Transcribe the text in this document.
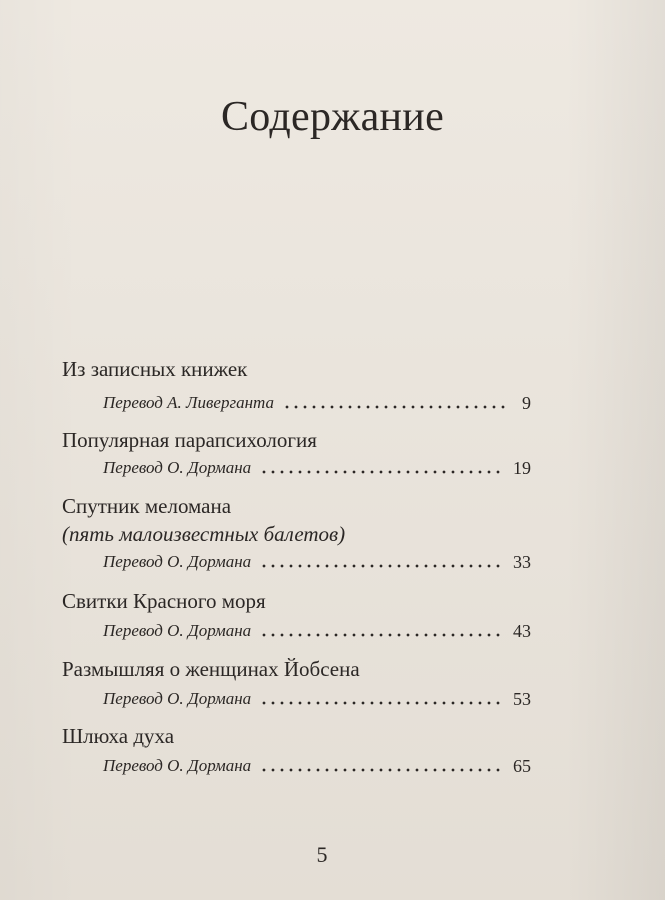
Содержание
Из записных книжек
Перевод А. Ливерганта	9
Популярная парапсихология
Перевод О. Дормана	19
Спутник меломана
(пять малоизвестных балетов)
Перевод О. Дормана	33
Свитки Красного моря
Перевод О. Дормана	43
Размышляя о женщинах Йобсена
Перевод О. Дормана	53
Шлюха духа
Перевод О. Дормана	65
5
